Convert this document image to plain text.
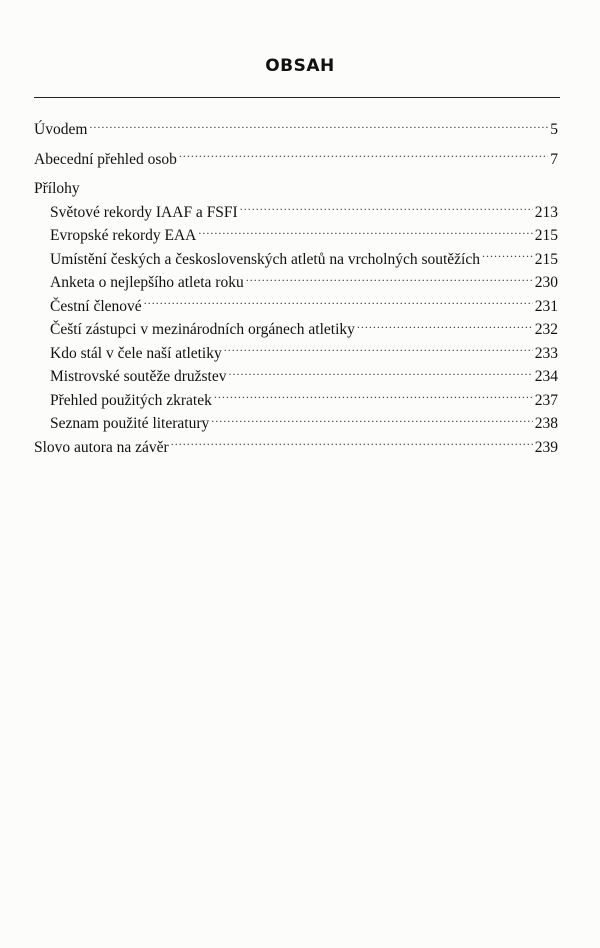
OBSAH
Úvodem .....	5
Abecední přehled osob .....	7
Přílohy
Světové rekordy IAAF a FSFI .....	213
Evropské rekordy EAA .....	215
Umístění českých a československých atletů na vrcholných soutěžích .....	215
Anketa o nejlepšího atleta roku .....	230
Čestní členové .....	231
Čeští zástupci v mezinárodních orgánech atletiky .....	232
Kdo stál v čele naší atletiky .....	233
Mistrovské soutěže družstev .....	234
Přehled použitých zkratek .....	237
Seznam použité literatury .....	238
Slovo autora na závěr .....	239
